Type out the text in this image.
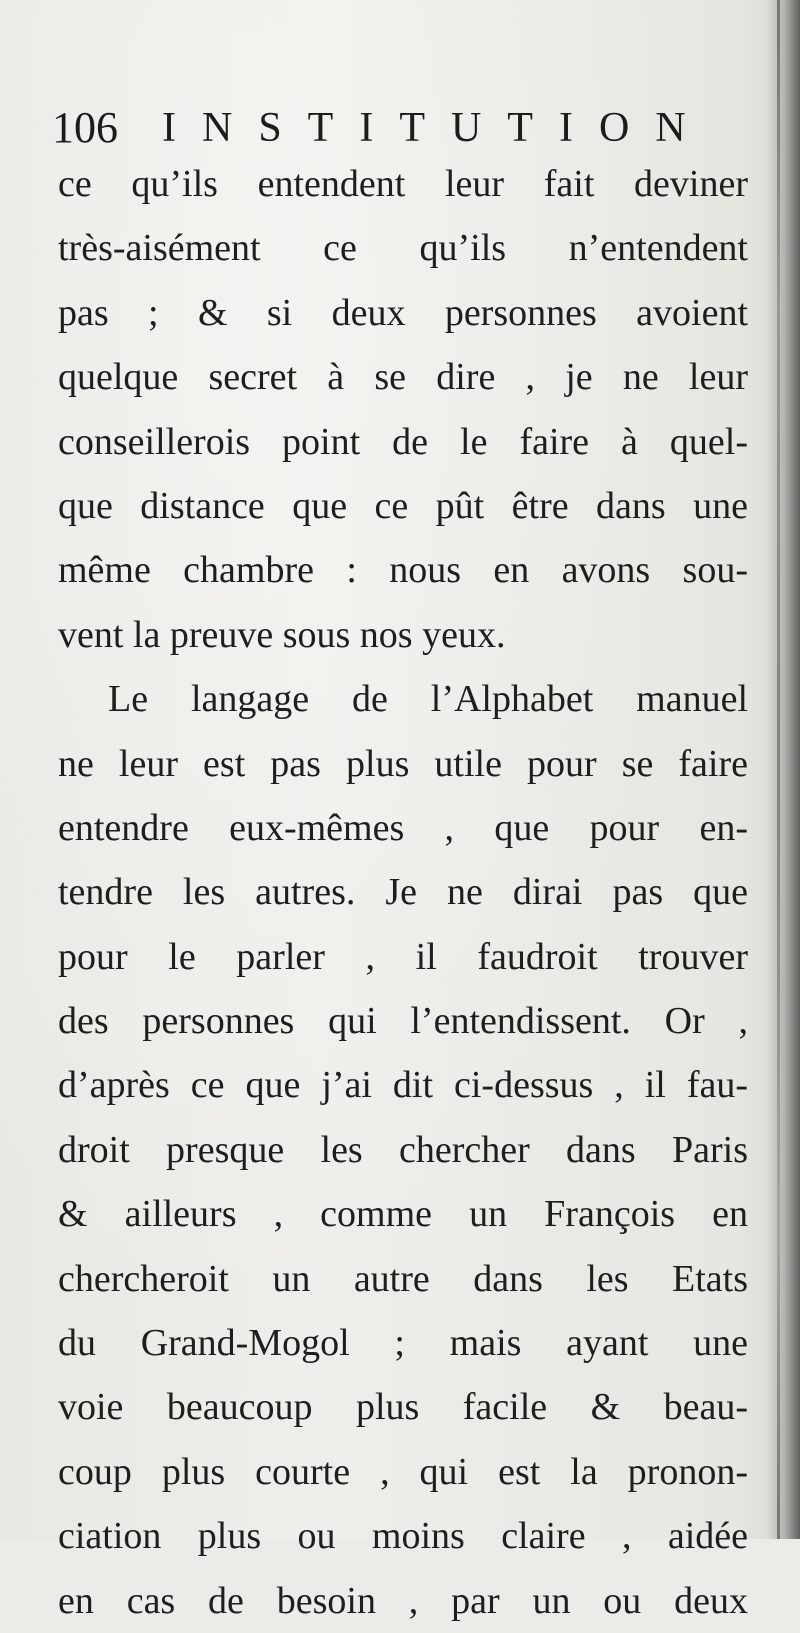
106 INSTITUTION
ce qu’ils entendent leur fait deviner
très-aisément ce qu’ils n’entendent
pas ; & si deux personnes avoient
quelque secret à se dire , je ne leur
conseillerois point de le faire à quel-
que distance que ce pût être dans une
même chambre : nous en avons sou-
vent la preuve sous nos yeux.
Le langage de l’Alphabet manuel
ne leur est pas plus utile pour se faire
entendre eux-mêmes , que pour en-
tendre les autres. Je ne dirai pas que
pour le parler , il faudroit trouver
des personnes qui l’entendissent. Or ,
d’après ce que j’ai dit ci-dessus , il fau-
droit presque les chercher dans Paris
& ailleurs , comme un François en
chercheroit un autre dans les Etats
du Grand-Mogol ; mais ayant une
voie beaucoup plus facile & beau-
coup plus courte , qui est la pronon-
ciation plus ou moins claire , aidée
en cas de besoin , par un ou deux
